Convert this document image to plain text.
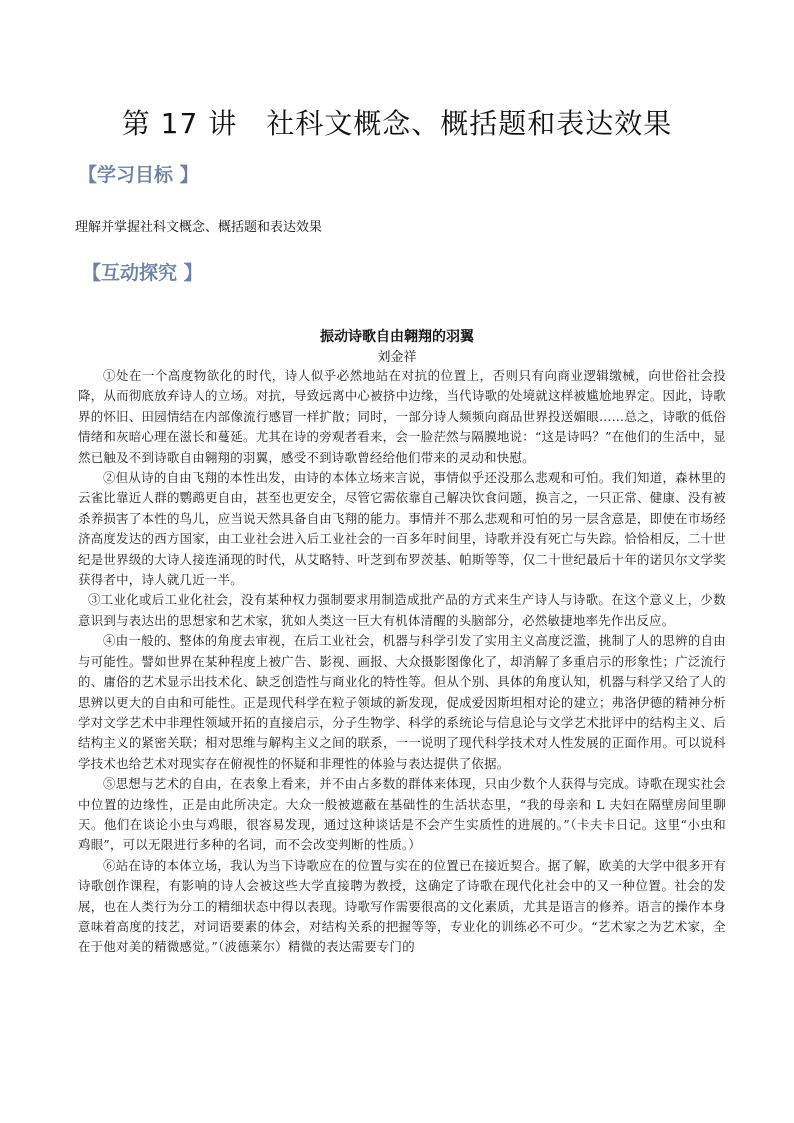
第 17 讲　社科文概念、概括题和表达效果
【学习目标 】
理解并掌握社科文概念、概括题和表达效果
【互动探究 】
振动诗歌自由翱翔的羽翼
刘金祥

①处在一个高度物欲化的时代，诗人似乎必然地站在对抗的位置上，否则只有向商业逻辑缴械，向世俗社会投降，从而彻底放弃诗人的立场。对抗，导致远离中心被挤中边缘，当代诗歌的处境就这样被尴尬地界定。因此，诗歌界的怀旧、田园情结在内部像流行感冒一样扩散；同时，一部分诗人频频向商品世界投送媚眼……总之，诗歌的低俗情绪和灰暗心理在滋长和蔓延。尤其在诗的旁观者看来，会一脸茫然与隔膜地说：“这是诗吗？”在他们的生活中，显然已触及不到诗歌自由翱翔的羽翼，感受不到诗歌曾经给他们带来的灵动和快慰。

②但从诗的自由飞翔的本性出发，由诗的本体立场来言说，事情似乎还没那么悲观和可怕。我们知道，森林里的云雀比靠近人群的鹦鹉更自由，甚至也更安全，尽管它需依靠自己解决饮食问题，换言之，一只正常、健康、没有被杀养损害了本性的鸟儿，应当说天然具备自由飞翔的能力。事情并不那么悲观和可怕的另一层含意是，即使在市场经济高度发达的西方国家，由工业社会进入后工业社会的一百多年时间里，诗歌并没有死亡与失踪。恰恰相反，二十世纪是世界级的大诗人接连涌现的时代，从艾略特、叶芝到布罗茨基、帕斯等等，仅二十世纪最后十年的诺贝尔文学奖获得者中，诗人就几近一半。

③工业化或后工业化社会，没有某种权力强制要求用制造成批产品的方式来生产诗人与诗歌。在这个意义上，少数意识到与表达出的思想家和艺术家，犹如人类这一巨大有机体清醒的头脑部分，必然敏捷地率先作出反应。

④由一般的、整体的角度去审视，在后工业社会，机器与科学引发了实用主义高度泛滥，挑制了人的思辨的自由与可能性。譬如世界在某种程度上被广告、影视、画报、大众摄影图像化了，却消解了多重启示的形象性；广泛流行的、庸俗的艺术显示出技术化、缺乏创造性与商业化的特性等。但从个别、具体的角度认知，机器与科学又给了人的思辨以更大的自由和可能性。正是现代科学在粒子领域的新发现，促成爱因斯坦相对论的建立；弗洛伊德的精神分析学对文学艺术中非理性领域开拓的直接启示，分子生物学、科学的系统论与信息论与文学艺术批评中的结构主义、后结构主义的紧密关联；相对思维与解构主义之间的联系，一一说明了现代科学技术对人性发展的正面作用。可以说科学技术也给艺术对现实存在俯视性的怀疑和非理性的体验与表达提供了依据。

⑤思想与艺术的自由，在表象上看来，并不由占多数的群体来体现，只由少数个人获得与完成。诗歌在现实社会中位置的边缘性，正是由此所决定。大众一般被遮蔽在基础性的生活状态里，“我的母亲和 L 夫妇在隔壁房间里聊天。他们在谈论小虫与鸡眼，很容易发现，通过这种谈话是不会产生实质性的进展的。”（卡夫卡日记。这里“小虫和鸡眼”，可以无限进行多种的名词，而不会改变判断的性质。）

⑥站在诗的本体立场，我认为当下诗歌应在的位置与实在的位置已在接近契合。据了解，欧美的大学中很多开有诗歌创作课程，有影响的诗人会被这些大学直接聘为教授，这确定了诗歌在现代化社会中的又一种位置。社会的发展，也在人类行为分工的精细状态中得以表现。诗歌写作需要很高的文化素质，尤其是语言的修养。语言的操作本身意味着高度的技艺，对词语要素的体会，对结构关系的把握等等，专业化的训练必不可少。“艺术家之为艺术家，全在于他对美的精微感觉。”（波德莱尔）精微的表达需要专门的
